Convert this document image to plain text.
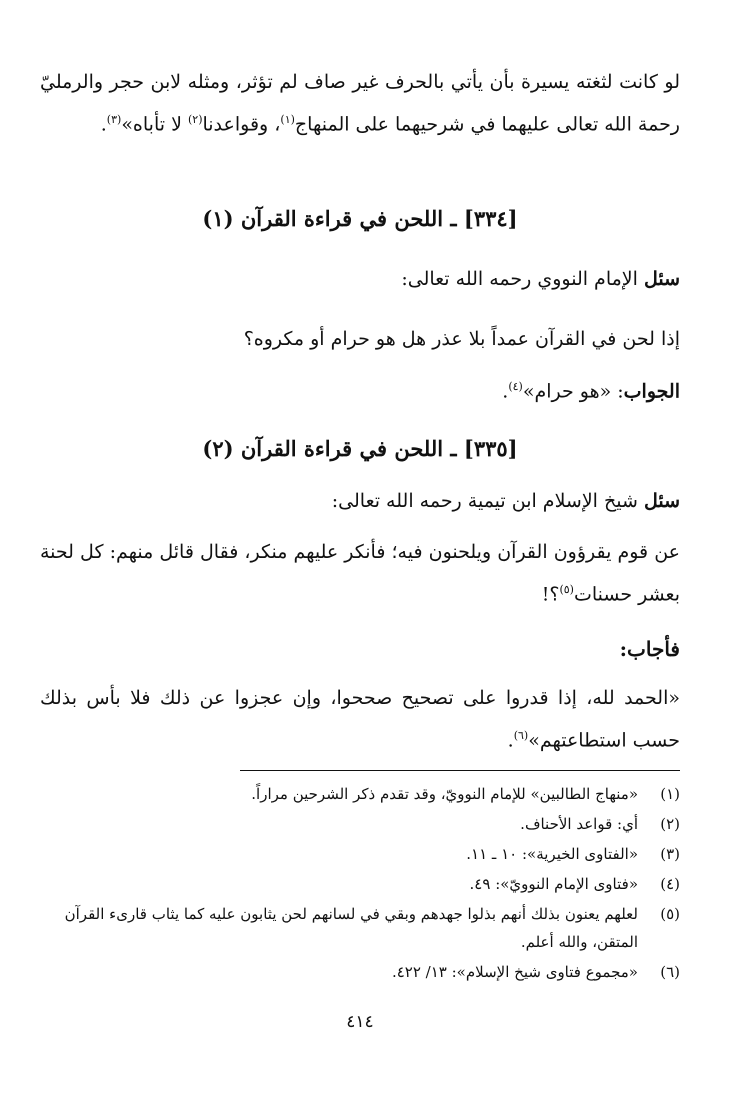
لو كانت لثغته يسيرة بأن يأتي بالحرف غير صاف لم تؤثر، ومثله لابن حجر والرمليّ رحمة الله تعالى عليهما في شرحيهما على المنهاج$^{(١)}$، وقواعدنا$^{(٢)}$ لا تأباه»$^{(٣)}$.
[٣٣٤] ـ اللحن في قراءة القرآن (١)
سئل الإمام النووي رحمه الله تعالى:
إذا لحن في القرآن عمداً بلا عذر هل هو حرام أو مكروه؟
الجواب: «هو حرام»$^{(٤)}$.
[٣٣٥] ـ اللحن في قراءة القرآن (٢)
سئل شيخ الإسلام ابن تيمية رحمه الله تعالى:
عن قوم يقرؤون القرآن ويلحنون فيه؛ فأنكر عليهم منكر، فقال قائل منهم: كل لحنة بعشر حسنات$^{(٥)}$؟!
فأجاب:
«الحمد لله، إذا قدروا على تصحيح صححوا، وإن عجزوا عن ذلك فلا بأس بذلك حسب استطاعتهم»$^{(٦)}$.
(١)
«منهاج الطالبين» للإمام النوويّ، وقد تقدم ذكر الشرحين مراراً.
(٢)
أي: قواعد الأحناف.
(٣)
«الفتاوى الخيرية»: ١٠ ـ ١١.
(٤)
«فتاوى الإمام النوويّ»: ٤٩.
(٥)
لعلهم يعنون بذلك أنهم بذلوا جهدهم وبقي في لسانهم لحن يثابون عليه كما يثاب قارىء القرآن المتقن، والله أعلم.
(٦)
«مجموع فتاوى شيخ الإسلام»: ١٣/ ٤٢٢.
٤١٤
